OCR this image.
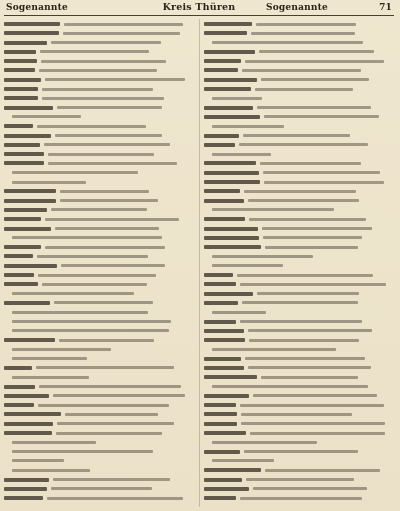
Sogenannte	Kreis Thüren	Sogenannte	71
